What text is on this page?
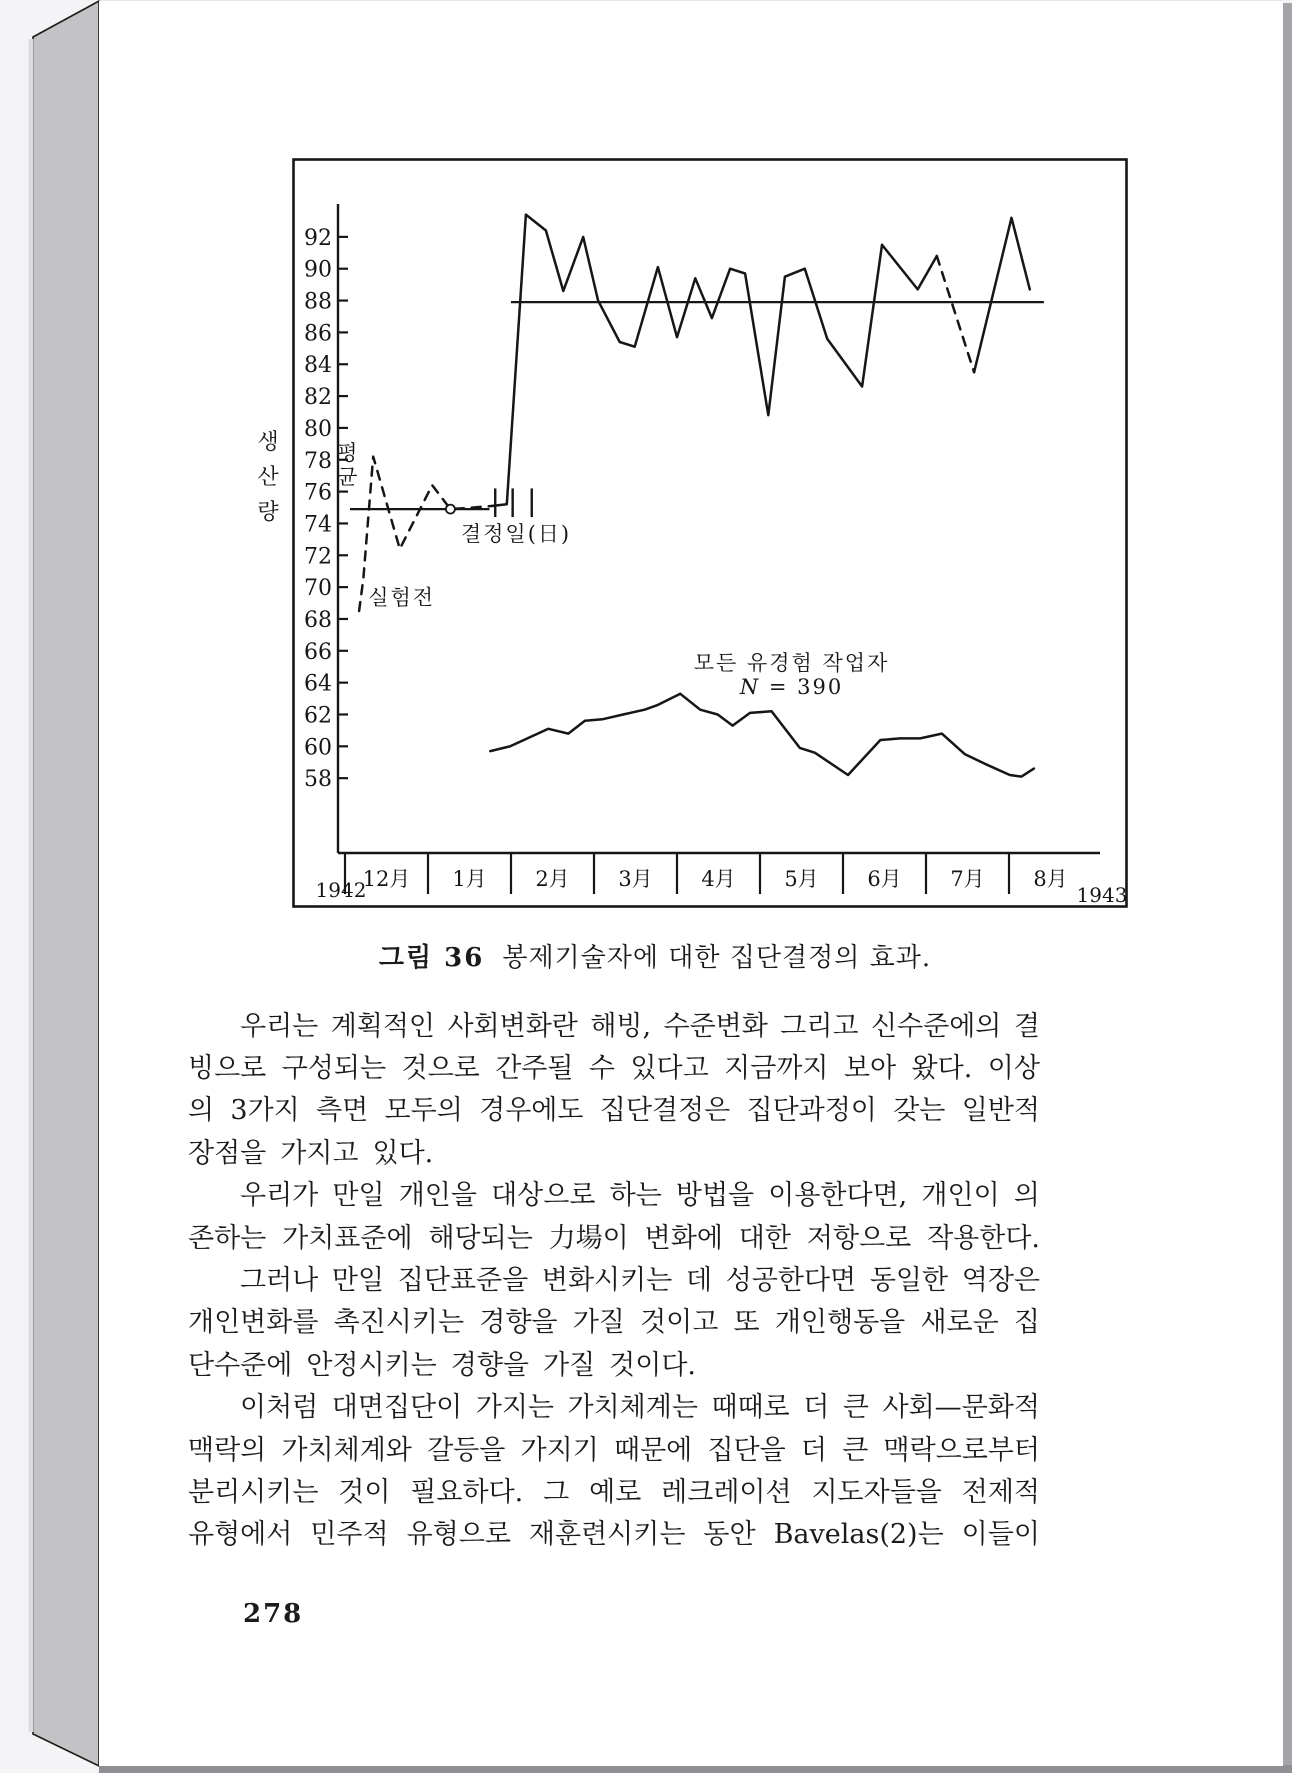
생
산
량
92
90
88
86
84
82
80
78
76
74
72
70
68
66
64
62
60
58
12月 1月 2月 3月 4月 5月 6月 7月 8月
1942	1943
평 균
실험전
결정일(日)
모든 유경험 작업자
N = 390
그림 36 봉제기술자에 대한 집단결정의 효과.
우리는 계획적인 사회변화란 해빙, 수준변화 그리고 신수준에의 결
빙으로 구성되는 것으로 간주될 수 있다고 지금까지 보아 왔다. 이상
의 3가지 측면 모두의 경우에도 집단결정은 집단과정이 갖는 일반적
장점을 가지고 있다.
우리가 만일 개인을 대상으로 하는 방법을 이용한다면, 개인이 의
존하는 가치표준에 해당되는 力場이 변화에 대한 저항으로 작용한다.
그러나 만일 집단표준을 변화시키는 데 성공한다면 동일한 역장은
개인변화를 촉진시키는 경향을 가질 것이고 또 개인행동을 새로운 집
단수준에 안정시키는 경향을 가질 것이다.
이처럼 대면집단이 가지는 가치체계는 때때로 더 큰 사회—문화적
맥락의 가치체계와 갈등을 가지기 때문에 집단을 더 큰 맥락으로부터
분리시키는 것이 필요하다. 그 예로 레크레이션 지도자들을 전제적
유형에서 민주적 유형으로 재훈련시키는 동안 Bavelas(2)는 이들이
278
